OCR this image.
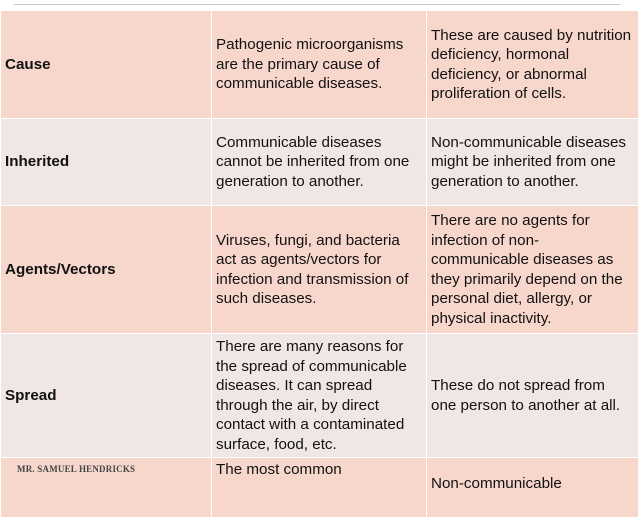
Cause	Pathogenic microorganisms are the primary cause of communicable diseases.	These are caused by nutrition deficiency, hormonal deficiency, or abnormal proliferation of cells.
Inherited	Communicable diseases cannot be inherited from one generation to another.	Non-communicable diseases might be inherited from one generation to another.
Agents/Vectors	Viruses, fungi, and bacteria act as agents/vectors for infection and transmission of such diseases.	There are no agents for infection of non-communicable diseases as they primarily depend on the personal diet, allergy, or physical inactivity.
Spread	There are many reasons for the spread of communicable diseases. It can spread through the air, by direct contact with a contaminated surface, food, etc.	These do not spread from one person to another at all.
	The most common	Non-communicable
MR. SAMUEL HENDRICKS
